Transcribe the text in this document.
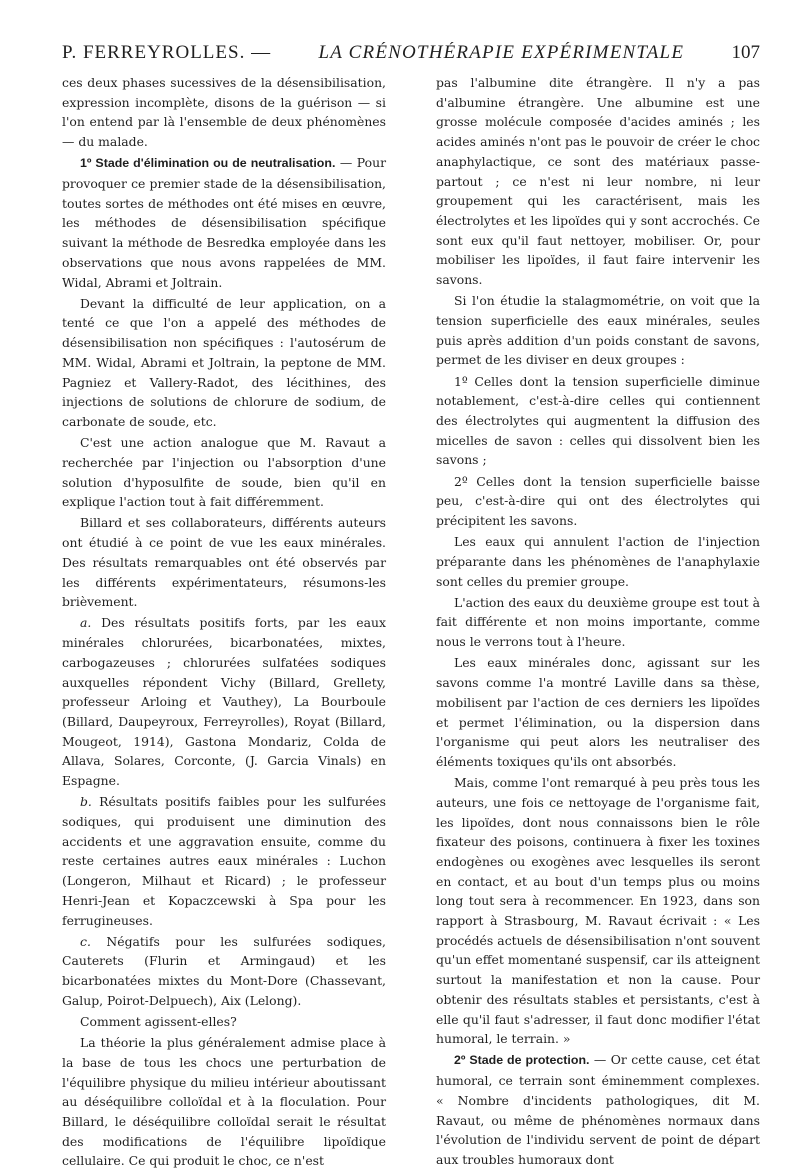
P. FERREYROLLES. — LA CRÉNOTHÉRAPIE EXPÉRIMENTALE 107

ces deux phases sucessives de la désensibilisation, expression incomplète, disons de la guérison — si l'on entend par là l'ensemble de deux phénomènes — du malade.

1º Stade d'élimination ou de neutralisation. — Pour provoquer ce premier stade de la désensibilisation, toutes sortes de méthodes ont été mises en œuvre, les méthodes de désensibilisation spécifique suivant la méthode de Besredka employée dans les observations que nous avons rappelées de MM. Widal, Abrami et Joltrain.

Devant la difficulté de leur application, on a tenté ce que l'on a appelé des méthodes de désensibilisation non spécifiques : l'autosérum de MM. Widal, Abrami et Joltrain, la peptone de MM. Pagniez et Vallery-Radot, des lécithines, des injections de solutions de chlorure de sodium, de carbonate de soude, etc.

C'est une action analogue que M. Ravaut a recherchée par l'injection ou l'absorption d'une solution d'hyposulfite de soude, bien qu'il en explique l'action tout à fait différemment.

Billard et ses collaborateurs, différents auteurs ont étudié à ce point de vue les eaux minérales. Des résultats remarquables ont été observés par les différents expérimentateurs, résumons-les brièvement.

a. Des résultats positifs forts, par les eaux minérales chlorurées, bicarbonatées, mixtes, carbogazeuses ; chlorurées sulfatées sodiques auxquelles répondent Vichy (Billard, Grellety, professeur Arloing et Vauthey), La Bourboule (Billard, Daupeyroux, Ferreyrolles), Royat (Billard, Mougeot, 1914), Gastona Mondariz, Colda de Allava, Solares, Corconte, (J. Garcia Vinals) en Espagne.

b. Résultats positifs faibles pour les sulfurées sodiques, qui produisent une diminution des accidents et une aggravation ensuite, comme du reste certaines autres eaux minérales : Luchon (Longeron, Milhaut et Ricard) ; le professeur Henri-Jean et Kopaczcewski à Spa pour les ferrugineuses.

c. Négatifs pour les sulfurées sodiques, Cauterets (Flurin et Armingaud) et les bicarbonatées mixtes du Mont-Dore (Chassevant, Galup, Poirot-Delpuech), Aix (Lelong).

Comment agissent-elles?

La théorie la plus généralement admise place à la base de tous les chocs une perturbation de l'équilibre physique du milieu intérieur aboutissant au déséquilibre colloïdal et à la floculation. Pour Billard, le déséquilibre colloïdal serait le résultat des modifications de l'équilibre lipoïdique cellulaire. Ce qui produit le choc, ce n'est

pas l'albumine dite étrangère. Il n'y a pas d'albumine étrangère. Une albumine est une grosse molécule composée d'acides aminés ; les acides aminés n'ont pas le pouvoir de créer le choc anaphylactique, ce sont des matériaux passe-partout ; ce n'est ni leur nombre, ni leur groupement qui les caractérisent, mais les électrolytes et les lipoïdes qui y sont accrochés. Ce sont eux qu'il faut nettoyer, mobiliser. Or, pour mobiliser les lipoïdes, il faut faire intervenir les savons.

Si l'on étudie la stalagmométrie, on voit que la tension superficielle des eaux minérales, seules puis après addition d'un poids constant de savons, permet de les diviser en deux groupes :

1º Celles dont la tension superficielle diminue notablement, c'est-à-dire celles qui contiennent des électrolytes qui augmentent la diffusion des micelles de savon : celles qui dissolvent bien les savons ;

2º Celles dont la tension superficielle baisse peu, c'est-à-dire qui ont des électrolytes qui précipitent les savons.

Les eaux qui annulent l'action de l'injection préparante dans les phénomènes de l'anaphylaxie sont celles du premier groupe.

L'action des eaux du deuxième groupe est tout à fait différente et non moins importante, comme nous le verrons tout à l'heure.

Les eaux minérales donc, agissant sur les savons comme l'a montré Laville dans sa thèse, mobilisent par l'action de ces derniers les lipoïdes et permet l'élimination, ou la dispersion dans l'organisme qui peut alors les neutraliser des éléments toxiques qu'ils ont absorbés.

Mais, comme l'ont remarqué à peu près tous les auteurs, une fois ce nettoyage de l'organisme fait, les lipoïdes, dont nous connaissons bien le rôle fixateur des poisons, continuera à fixer les toxines endogènes ou exogènes avec lesquelles ils seront en contact, et au bout d'un temps plus ou moins long tout sera à recommencer. En 1923, dans son rapport à Strasbourg, M. Ravaut écrivait : « Les procédés actuels de désensibilisation n'ont souvent qu'un effet momentané suspensif, car ils atteignent surtout la manifestation et non la cause. Pour obtenir des résultats stables et persistants, c'est à elle qu'il faut s'adresser, il faut donc modifier l'état humoral, le terrain. »

2º Stade de protection. — Or cette cause, cet état humoral, ce terrain sont éminemment complexes. « Nombre d'incidents pathologiques, dit M. Ravaut, ou même de phénomènes normaux dans l'évolution de l'individu servent de point de départ aux troubles humoraux dont
